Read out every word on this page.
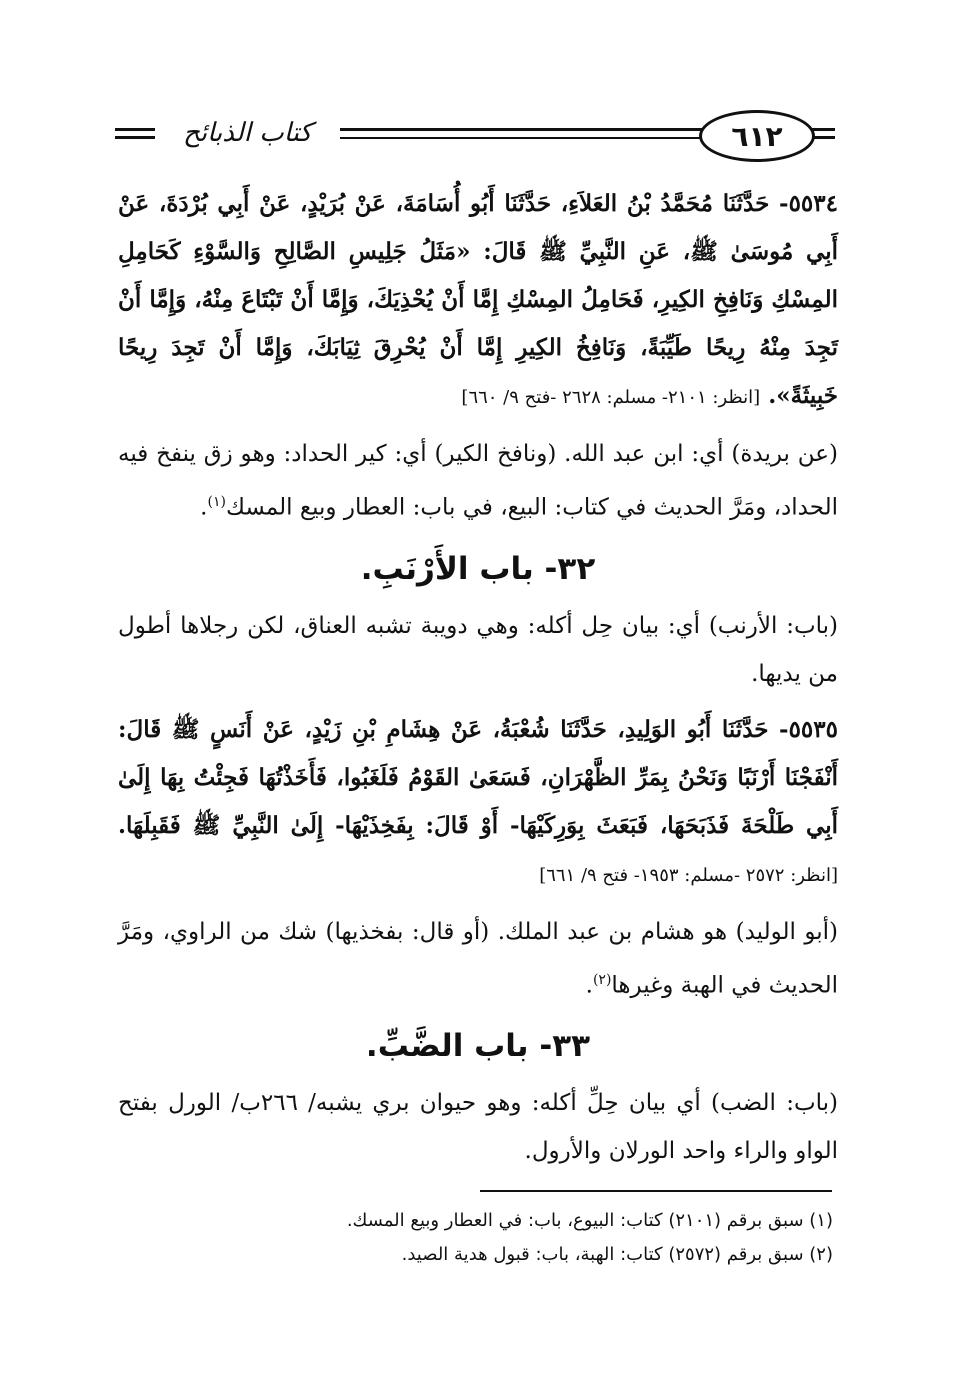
كتاب الذبائح	٦١٢

٥٥٣٤- حَدَّثَنَا مُحَمَّدُ بْنُ العَلاَءِ، حَدَّثَنَا أَبُو أُسَامَةَ، عَنْ بُرَيْدٍ، عَنْ أَبِي بُرْدَةَ، عَنْ أَبِي مُوسَىٰ ﷺ، عَنِ النَّبِيِّ ﷺ قَالَ: «مَثَلُ جَلِيسِ الصَّالِحِ وَالسَّوْءِ كَحَامِلِ المِسْكِ وَنَافِخِ الكِيرِ، فَحَامِلُ المِسْكِ إِمَّا أَنْ يُحْذِيَكَ، وَإِمَّا أَنْ تَبْتَاعَ مِنْهُ، وَإِمَّا أَنْ تَجِدَ مِنْهُ رِيحًا طَيِّبَةً، وَنَافِخُ الكِيرِ إِمَّا أَنْ يُحْرِقَ ثِيَابَكَ، وَإِمَّا أَنْ تَجِدَ رِيحًا خَبِيثَةً». [انظر: ٢١٠١- مسلم: ٢٦٢٨ -فتح ٩/ ٦٦٠]

(عن بريدة) أي: ابن عبد الله. (ونافخ الكير) أي: كير الحداد: وهو زق ينفخ فيه الحداد، ومَرَّ الحديث في كتاب: البيع، في باب: العطار وبيع المسك$^{(١)}$.

٣٢- باب الأَرْنَبِ.

(باب: الأرنب) أي: بيان حِل أكله: وهي دويبة تشبه العناق، لكن رجلاها أطول من يديها.

٥٥٣٥- حَدَّثَنَا أَبُو الوَلِيدِ، حَدَّثَنَا شُعْبَةُ، عَنْ هِشَامِ بْنِ زَيْدٍ، عَنْ أَنَسٍ ﷺ قَالَ: أَنْفَجْنَا أَرْنَبًا وَنَحْنُ بِمَرِّ الظَّهْرَانِ، فَسَعَىٰ القَوْمُ فَلَغَبُوا، فَأَخَذْتُهَا فَجِئْتُ بِهَا إِلَىٰ أَبِي طَلْحَةَ فَذَبَحَهَا، فَبَعَثَ بِوَرِكَيْهَا- أَوْ قَالَ: بِفَخِذَيْهَا- إِلَىٰ النَّبِيِّ ﷺ فَقَبِلَهَا. [انظر: ٢٥٧٢ -مسلم: ١٩٥٣- فتح ٩/ ٦٦١]

(أبو الوليد) هو هشام بن عبد الملك. (أو قال: بفخذيها) شك من الراوي، ومَرَّ الحديث في الهبة وغيرها$^{(٢)}$.

٣٣- باب الضَّبِّ.

(باب: الضب) أي بيان حِلِّ أكله: وهو حيوان بري يشبه/ ٢٦٦ب/ الورل بفتح الواو والراء واحد الورلان والأرول.

(١) سبق برقم (٢١٠١) كتاب: البيوع، باب: في العطار وبيع المسك.
(٢) سبق برقم (٢٥٧٢) كتاب: الهبة، باب: قبول هدية الصيد.
